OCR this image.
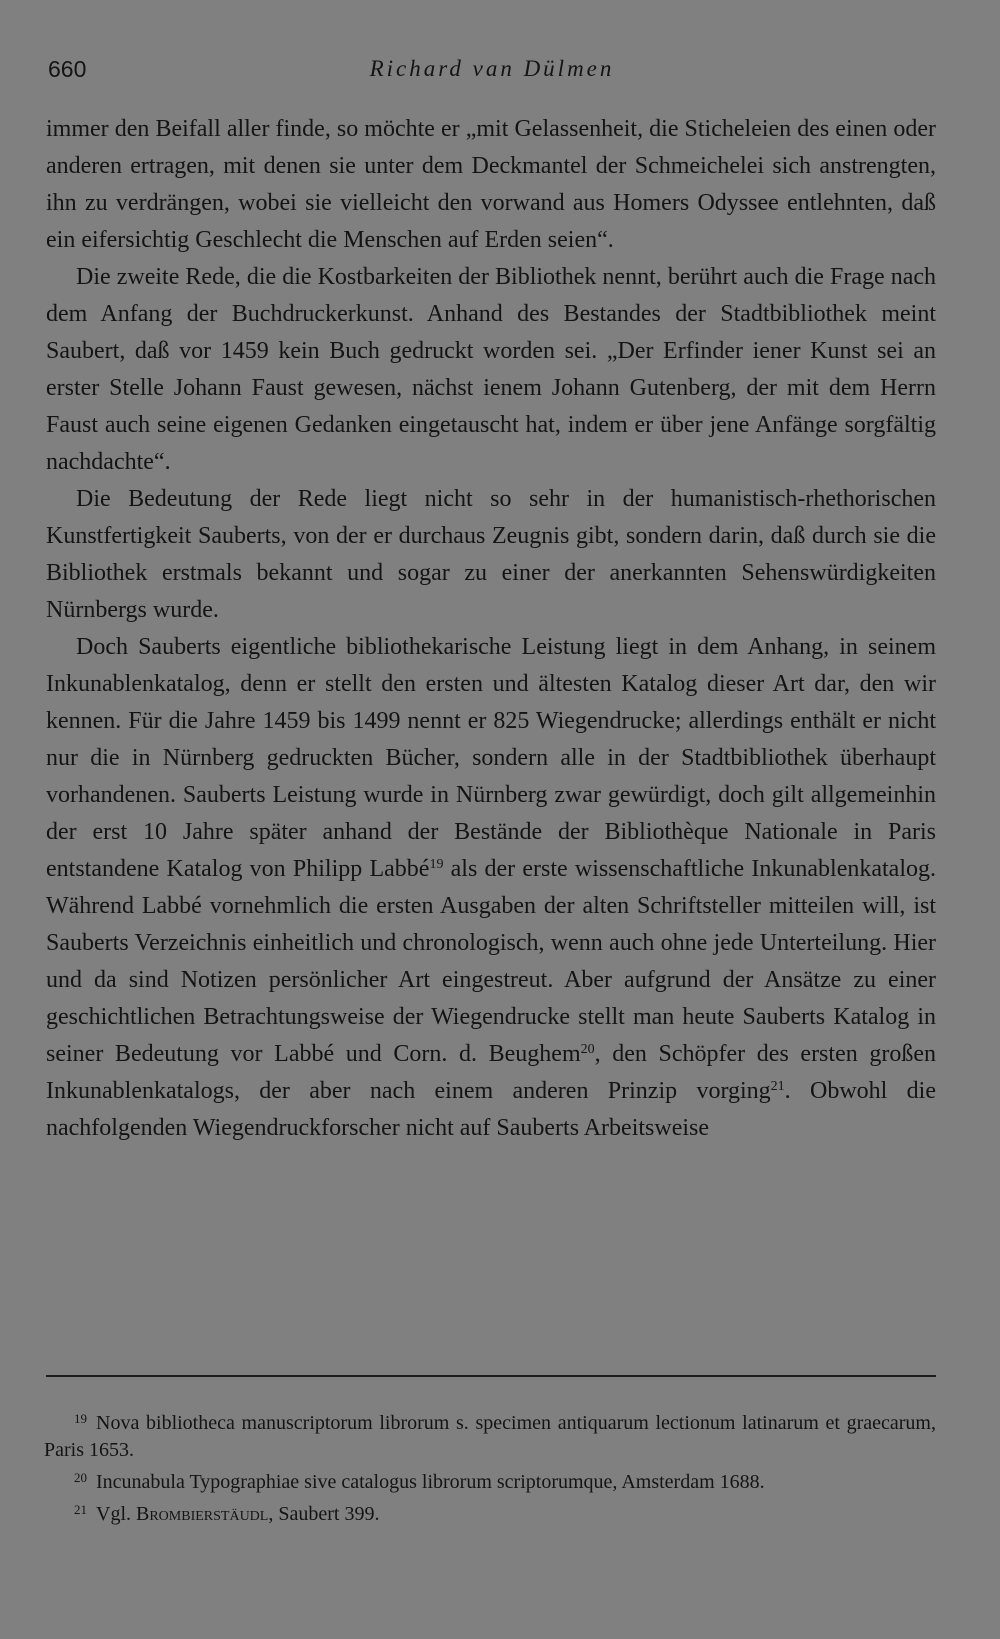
660	Richard van Dülmen

immer den Beifall aller finde, so möchte er „mit Gelassenheit, die Sticheleien des einen oder anderen ertragen, mit denen sie unter dem Deckmantel der Schmeichelei sich anstrengten, ihn zu verdrängen, wobei sie vielleicht den vorwand aus Homers Odyssee entlehnten, daß ein eifersichtig Geschlecht die Menschen auf Erden seien“.

Die zweite Rede, die die Kostbarkeiten der Bibliothek nennt, berührt auch die Frage nach dem Anfang der Buchdruckerkunst. Anhand des Bestandes der Stadtbibliothek meint Saubert, daß vor 1459 kein Buch gedruckt worden sei. „Der Erfinder iener Kunst sei an erster Stelle Johann Faust gewesen, nächst ienem Johann Gutenberg, der mit dem Herrn Faust auch seine eigenen Gedanken eingetauscht hat, indem er über jene Anfänge sorgfältig nachdachte“.

Die Bedeutung der Rede liegt nicht so sehr in der humanistisch-rhethorischen Kunstfertigkeit Sauberts, von der er durchaus Zeugnis gibt, sondern darin, daß durch sie die Bibliothek erstmals bekannt und sogar zu einer der anerkannten Sehenswürdigkeiten Nürnbergs wurde.

Doch Sauberts eigentliche bibliothekarische Leistung liegt in dem Anhang, in seinem Inkunablenkatalog, denn er stellt den ersten und ältesten Katalog dieser Art dar, den wir kennen. Für die Jahre 1459 bis 1499 nennt er 825 Wiegendrucke; allerdings enthält er nicht nur die in Nürnberg gedruckten Bücher, sondern alle in der Stadtbibliothek überhaupt vorhandenen. Sauberts Leistung wurde in Nürnberg zwar gewürdigt, doch gilt allgemeinhin der erst 10 Jahre später anhand der Bestände der Bibliothèque Nationale in Paris entstandene Katalog von Philipp Labbé$^{19}$ als der erste wissenschaftliche Inkunablenkatalog. Während Labbé vornehmlich die ersten Ausgaben der alten Schriftsteller mitteilen will, ist Sauberts Verzeichnis einheitlich und chronologisch, wenn auch ohne jede Unterteilung. Hier und da sind Notizen persönlicher Art eingestreut. Aber aufgrund der Ansätze zu einer geschichtlichen Betrachtungsweise der Wiegendrucke stellt man heute Sauberts Katalog in seiner Bedeutung vor Labbé und Corn. d. Beughem$^{20}$, den Schöpfer des ersten großen Inkunablenkatalogs, der aber nach einem anderen Prinzip vorging$^{21}$. Obwohl die nachfolgenden Wiegendruckforscher nicht auf Sauberts Arbeitsweise

$^{19}$ Nova bibliotheca manuscriptorum librorum s. specimen antiquarum lectionum latinarum et graecarum, Paris 1653.

$^{20}$ Incunabula Typographiae sive catalogus librorum scriptorumque, Amsterdam 1688.

$^{21}$ Vgl. Brombierstäudl, Saubert 399.
